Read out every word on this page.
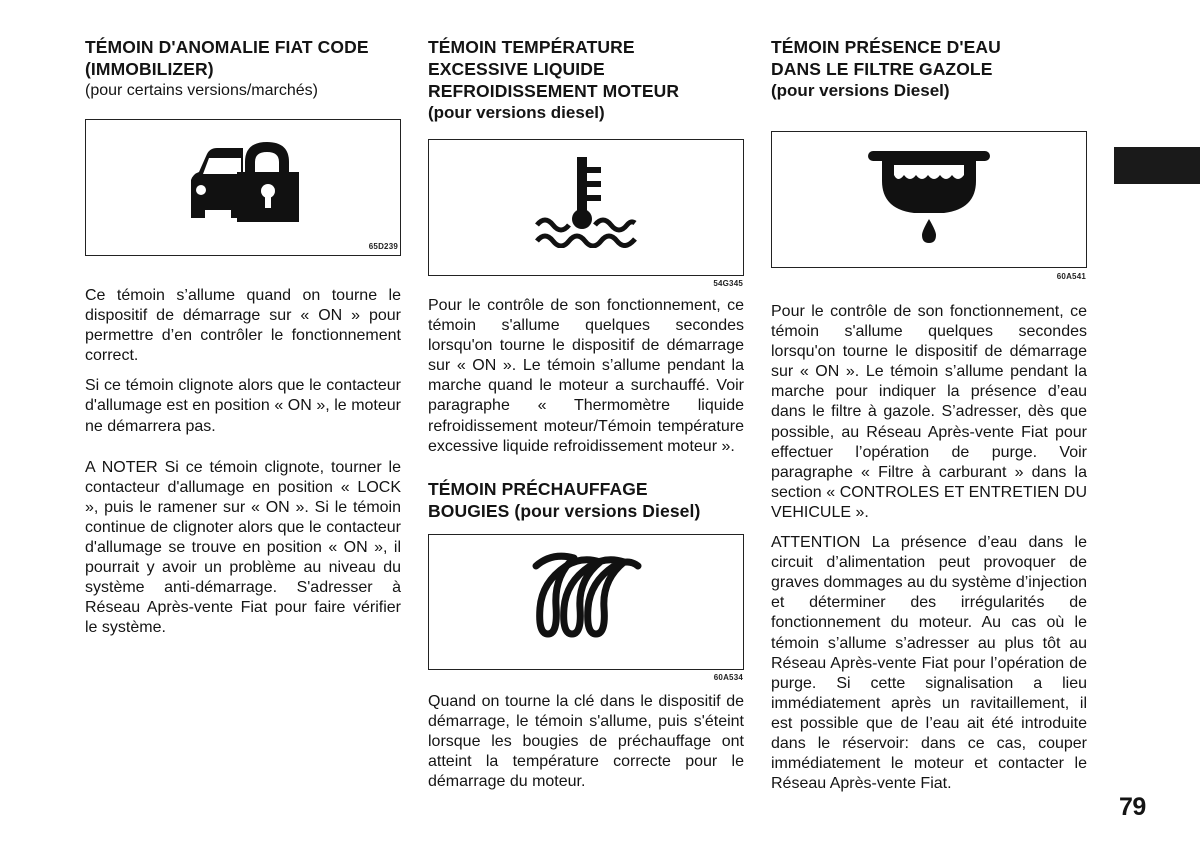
TÉMOIN D'ANOMALIE FIAT CODE (IMMOBILIZER)

(pour certains versions/marchés)

65D239

Ce témoin s’allume quand on tourne le dispositif de démarrage sur « ON » pour permettre d’en contrôler le fonctionnement correct.

Si ce témoin clignote alors que le contacteur d'allumage est en position « ON », le moteur ne démarrera pas.

A NOTER Si ce témoin clignote, tourner le contacteur d'allumage en position « LOCK », puis le ramener sur « ON ». Si le témoin continue de clignoter alors que le contacteur d'allumage se trouve en position « ON », il pourrait y avoir un problème au niveau du système anti-démarrage. S'adresser à Réseau Après-vente Fiat pour faire vérifier le système.

TÉMOIN TEMPÉRATURE EXCESSIVE LIQUIDE REFROIDISSEMENT MOTEUR

(pour versions diesel)

54G345

Pour le contrôle de son fonctionnement, ce témoin s'allume quelques secondes lorsqu'on tourne le dispositif de démarrage sur « ON ». Le témoin s’allume pendant la marche quand le moteur a surchauffé. Voir paragraphe « Thermomètre liquide refroidissement moteur/Témoin température excessive liquide refroidissement moteur ».

TÉMOIN PRÉCHAUFFAGE BOUGIES (pour versions Diesel)
60A534

Quand on tourne la clé dans le dispositif de démarrage, le témoin s'allume, puis s'éteint lorsque les bougies de préchauffage ont atteint la température correcte pour le démarrage du moteur.

TÉMOIN PRÉSENCE D'EAU DANS LE FILTRE GAZOLE

(pour versions Diesel)

60A541

Pour le contrôle de son fonctionnement, ce témoin s'allume quelques secondes lorsqu'on tourne le dispositif de démarrage sur « ON ». Le témoin s’allume pendant la marche pour indiquer la présence d’eau dans le filtre à gazole. S’adresser, dès que possible, au Réseau Après-vente Fiat pour effectuer l’opération de purge. Voir paragraphe « Filtre à carburant » dans la section « CONTROLES ET ENTRETIEN DU VEHICULE ».

ATTENTION La présence d’eau dans le circuit d’alimentation peut provoquer de graves dommages au du système d’injection et déterminer des irrégularités de fonctionnement du moteur. Au cas où le témoin s’allume s’adresser au plus tôt au Réseau Après-vente Fiat pour l’opération de purge. Si cette signalisation a lieu immédiatement après un ravitaillement, il est possible que de l’eau ait été introduite dans le réservoir: dans ce cas, couper immédiatement le moteur et contacter le Réseau Après-vente Fiat.

79
